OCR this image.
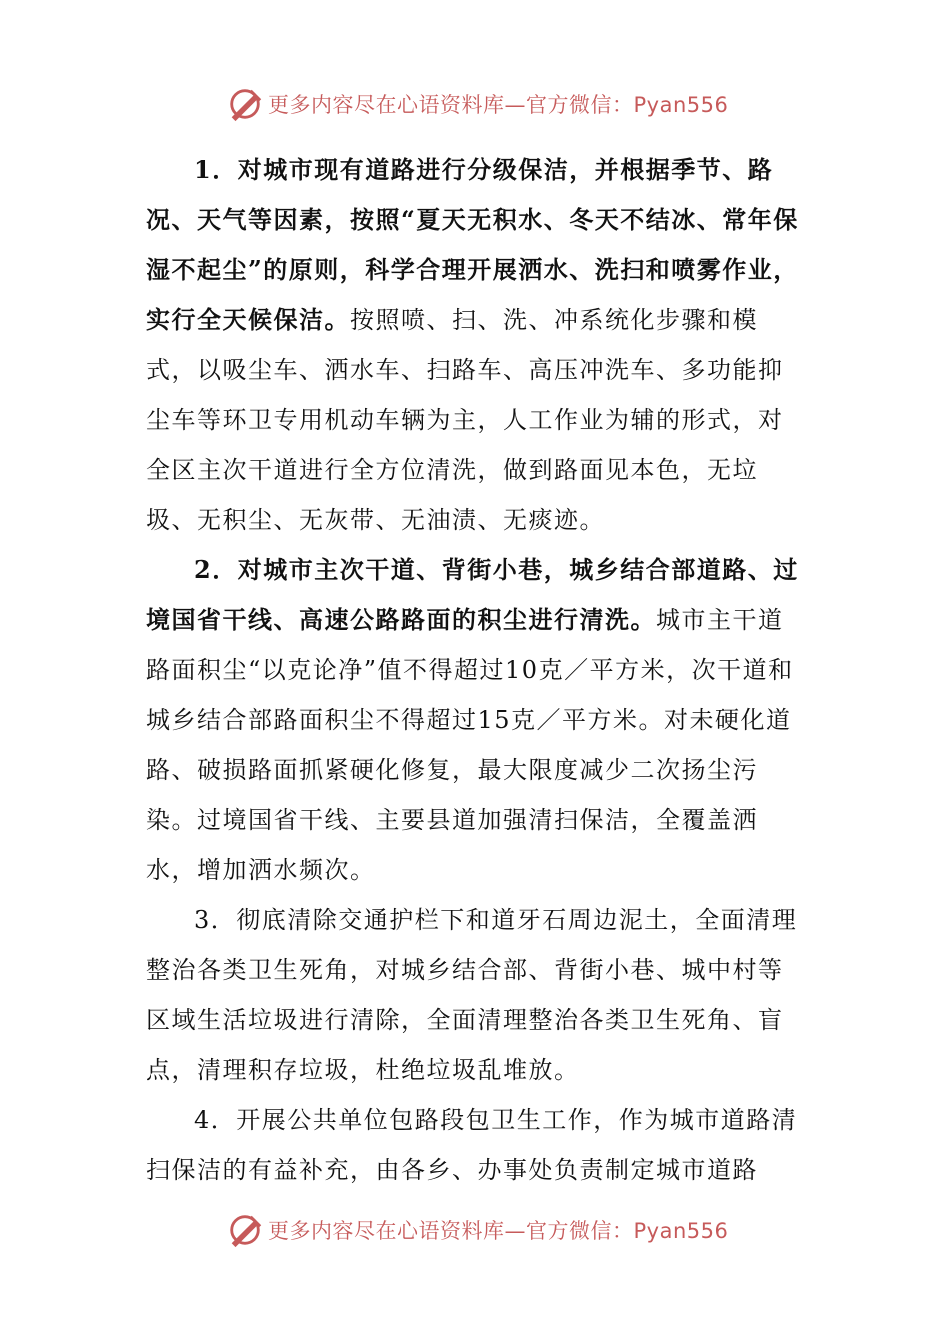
更多内容尽在心语资料库—官方微信：Pyan556

1．对城市现有道路进行分级保洁，并根据季节、路况、天气等因素，按照“夏天无积水、冬天不结冰、常年保湿不起尘”的原则，科学合理开展洒水、洗扫和喷雾作业，实行全天候保洁。按照喷、扫、洗、冲系统化步骤和模式，以吸尘车、洒水车、扫路车、高压冲洗车、多功能抑尘车等环卫专用机动车辆为主，人工作业为辅的形式，对全区主次干道进行全方位清洗，做到路面见本色，无垃圾、无积尘、无灰带、无油渍、无痰迹。

2．对城市主次干道、背街小巷，城乡结合部道路、过境国省干线、高速公路路面的积尘进行清洗。城市主干道路面积尘“以克论净”值不得超过10克／平方米，次干道和城乡结合部路面积尘不得超过15克／平方米。对未硬化道路、破损路面抓紧硬化修复，最大限度减少二次扬尘污染。过境国省干线、主要县道加强清扫保洁，全覆盖洒水，增加洒水频次。

3．彻底清除交通护栏下和道牙石周边泥土，全面清理整治各类卫生死角，对城乡结合部、背街小巷、城中村等区域生活垃圾进行清除，全面清理整治各类卫生死角、盲点，清理积存垃圾，杜绝垃圾乱堆放。

4．开展公共单位包路段包卫生工作，作为城市道路清扫保洁的有益补充，由各乡、办事处负责制定城市道路

更多内容尽在心语资料库—官方微信：Pyan556
